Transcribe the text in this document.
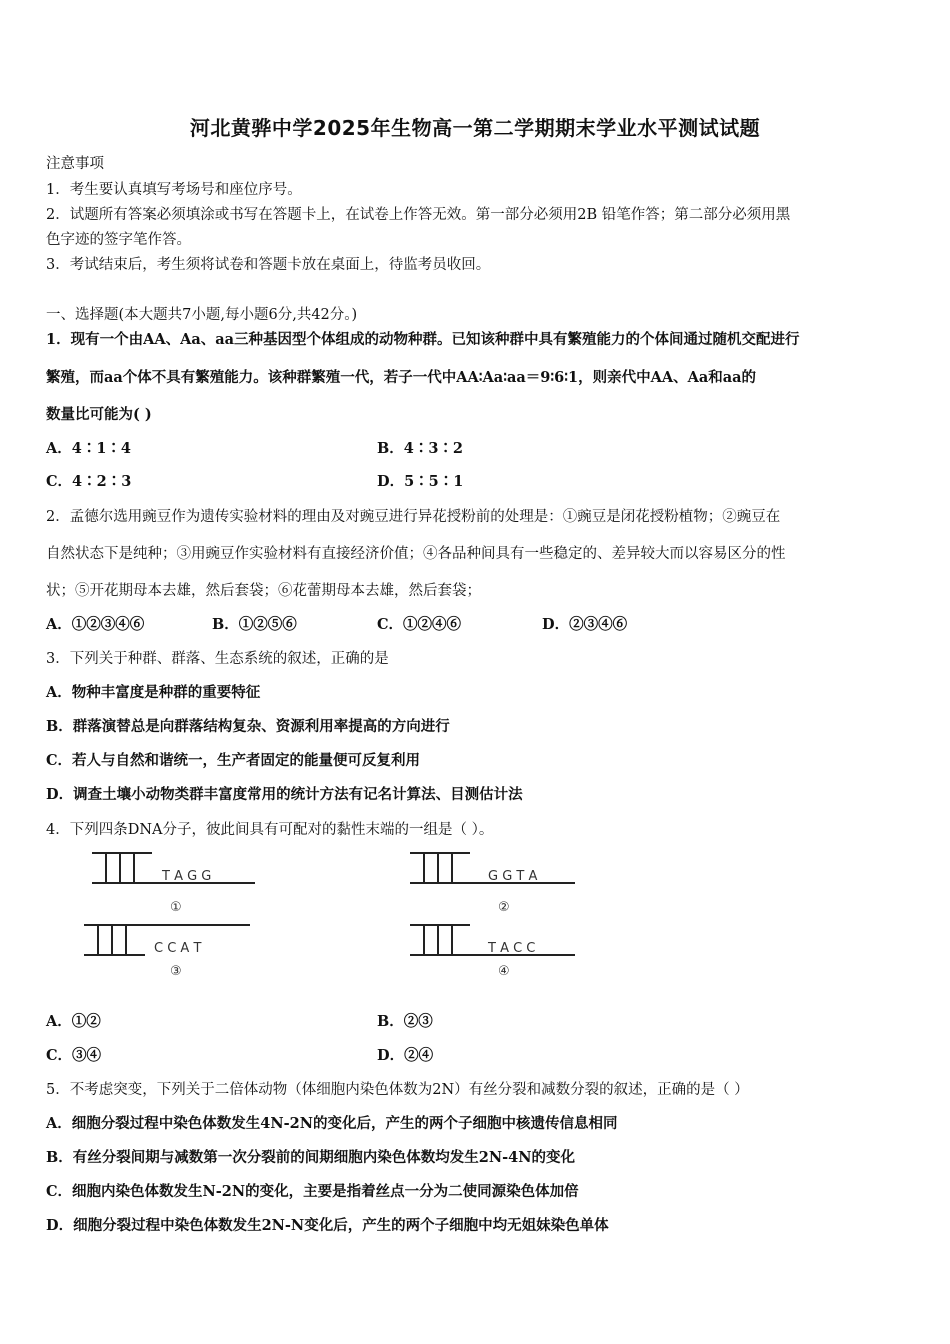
河北黄骅中学2025年生物高一第二学期期末学业水平测试试题
注意事项
1．考生要认真填写考场号和座位序号。
2．试题所有答案必须填涂或书写在答题卡上，在试卷上作答无效。第一部分必须用2B 铅笔作答；第二部分必须用黑
色字迹的签字笔作答。
3．考试结束后，考生须将试卷和答题卡放在桌面上，待监考员收回。
一、选择题(本大题共7小题,每小题6分,共42分。)
1．现有一个由AA、Aa、aa三种基因型个体组成的动物种群。已知该种群中具有繁殖能力的个体间通过随机交配进行
繁殖，而aa个体不具有繁殖能力。该种群繁殖一代，若子一代中AA∶Aa∶aa＝9∶6∶1，则亲代中AA、Aa和aa的
数量比可能为( )
A．4∶1∶4	B．4∶3∶2
C．4∶2∶3	D．5∶5∶1
2．孟德尔选用豌豆作为遗传实验材料的理由及对豌豆进行异花授粉前的处理是：①豌豆是闭花授粉植物；②豌豆在
自然状态下是纯种；③用豌豆作实验材料有直接经济价值；④各品种间具有一些稳定的、差异较大而以容易区分的性
状；⑤开花期母本去雄，然后套袋；⑥花蕾期母本去雄，然后套袋；
A．①②③④⑥	B．①②⑤⑥	C．①②④⑥	D．②③④⑥
3．下列关于种群、群落、生态系统的叙述，正确的是
A．物种丰富度是种群的重要特征
B．群落演替总是向群落结构复杂、资源利用率提高的方向进行
C．若人与自然和谐统一，生产者固定的能量便可反复利用
D．调查土壤小动物类群丰富度常用的统计方法有记名计算法、目测估计法
4．下列四条DNA分子，彼此间具有可配对的黏性末端的一组是（ ）。
T A G G
①
G G T A
②
C C A T
③
T A C C
④
A．①②	B．②③
C．③④	D．②④
5．不考虑突变，下列关于二倍体动物（体细胞内染色体数为2N）有丝分裂和减数分裂的叙述，正确的是（ ）
A．细胞分裂过程中染色体数发生4N-2N的变化后，产生的两个子细胞中核遗传信息相同
B．有丝分裂间期与减数第一次分裂前的间期细胞内染色体数均发生2N-4N的变化
C．细胞内染色体数发生N-2N的变化，主要是指着丝点一分为二使同源染色体加倍
D．细胞分裂过程中染色体数发生2N-N变化后，产生的两个子细胞中均无姐妹染色单体
